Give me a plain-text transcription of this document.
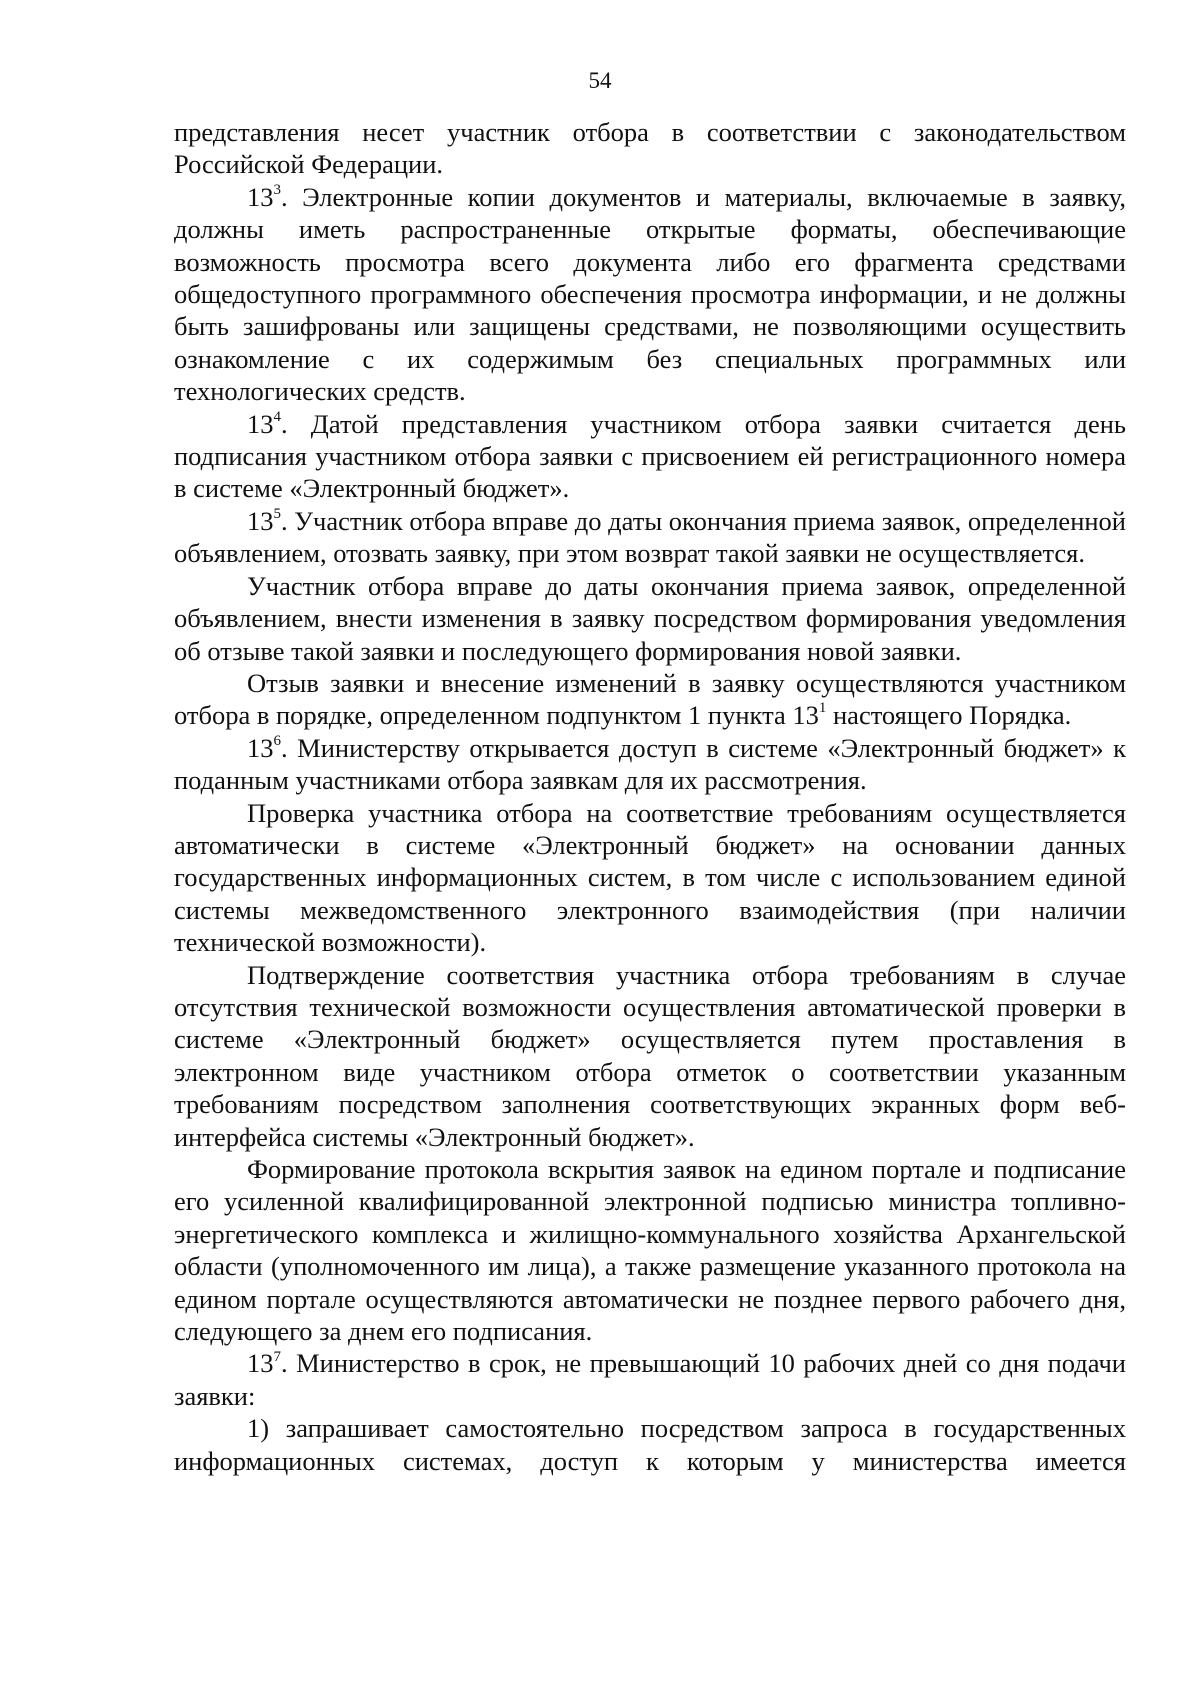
54

представления несет участник отбора в соответствии с законодательством Российской Федерации.

$13^3$. Электронные копии документов и материалы, включаемые в заявку, должны иметь распространенные открытые форматы, обеспечивающие возможность просмотра всего документа либо его фрагмента средствами общедоступного программного обеспечения просмотра информации, и не должны быть зашифрованы или защищены средствами, не позволяющими осуществить ознакомление с их содержимым без специальных программных или технологических средств.

$13^4$. Датой представления участником отбора заявки считается день подписания участником отбора заявки с присвоением ей регистрационного номера в системе «Электронный бюджет».

$13^5$. Участник отбора вправе до даты окончания приема заявок, определенной объявлением, отозвать заявку, при этом возврат такой заявки не осуществляется.

Участник отбора вправе до даты окончания приема заявок, определенной объявлением, внести изменения в заявку посредством формирования уведомления об отзыве такой заявки и последующего формирования новой заявки.

Отзыв заявки и внесение изменений в заявку осуществляются участником отбора в порядке, определенном подпунктом 1 пункта $13^1$ настоящего Порядка.

$13^6$. Министерству открывается доступ в системе «Электронный бюджет» к поданным участниками отбора заявкам для их рассмотрения.

Проверка участника отбора на соответствие требованиям осуществляется автоматически в системе «Электронный бюджет» на основании данных государственных информационных систем, в том числе с использованием единой системы межведомственного электронного взаимодействия (при наличии технической возможности).

Подтверждение соответствия участника отбора требованиям в случае отсутствия технической возможности осуществления автоматической проверки в системе «Электронный бюджет» осуществляется путем проставления в электронном виде участником отбора отметок о соответствии указанным требованиям посредством заполнения соответствующих экранных форм веб-интерфейса системы «Электронный бюджет».

Формирование протокола вскрытия заявок на едином портале и подписание его усиленной квалифицированной электронной подписью министра топливно-энергетического комплекса и жилищно-коммунального хозяйства Архангельской области (уполномоченного им лица), а также размещение указанного протокола на едином портале осуществляются автоматически не позднее первого рабочего дня, следующего за днем его подписания.

$13^7$. Министерство в срок, не превышающий 10 рабочих дней со дня подачи заявки:

1) запрашивает самостоятельно посредством запроса в государственных информационных системах, доступ к которым у министерства имеется
